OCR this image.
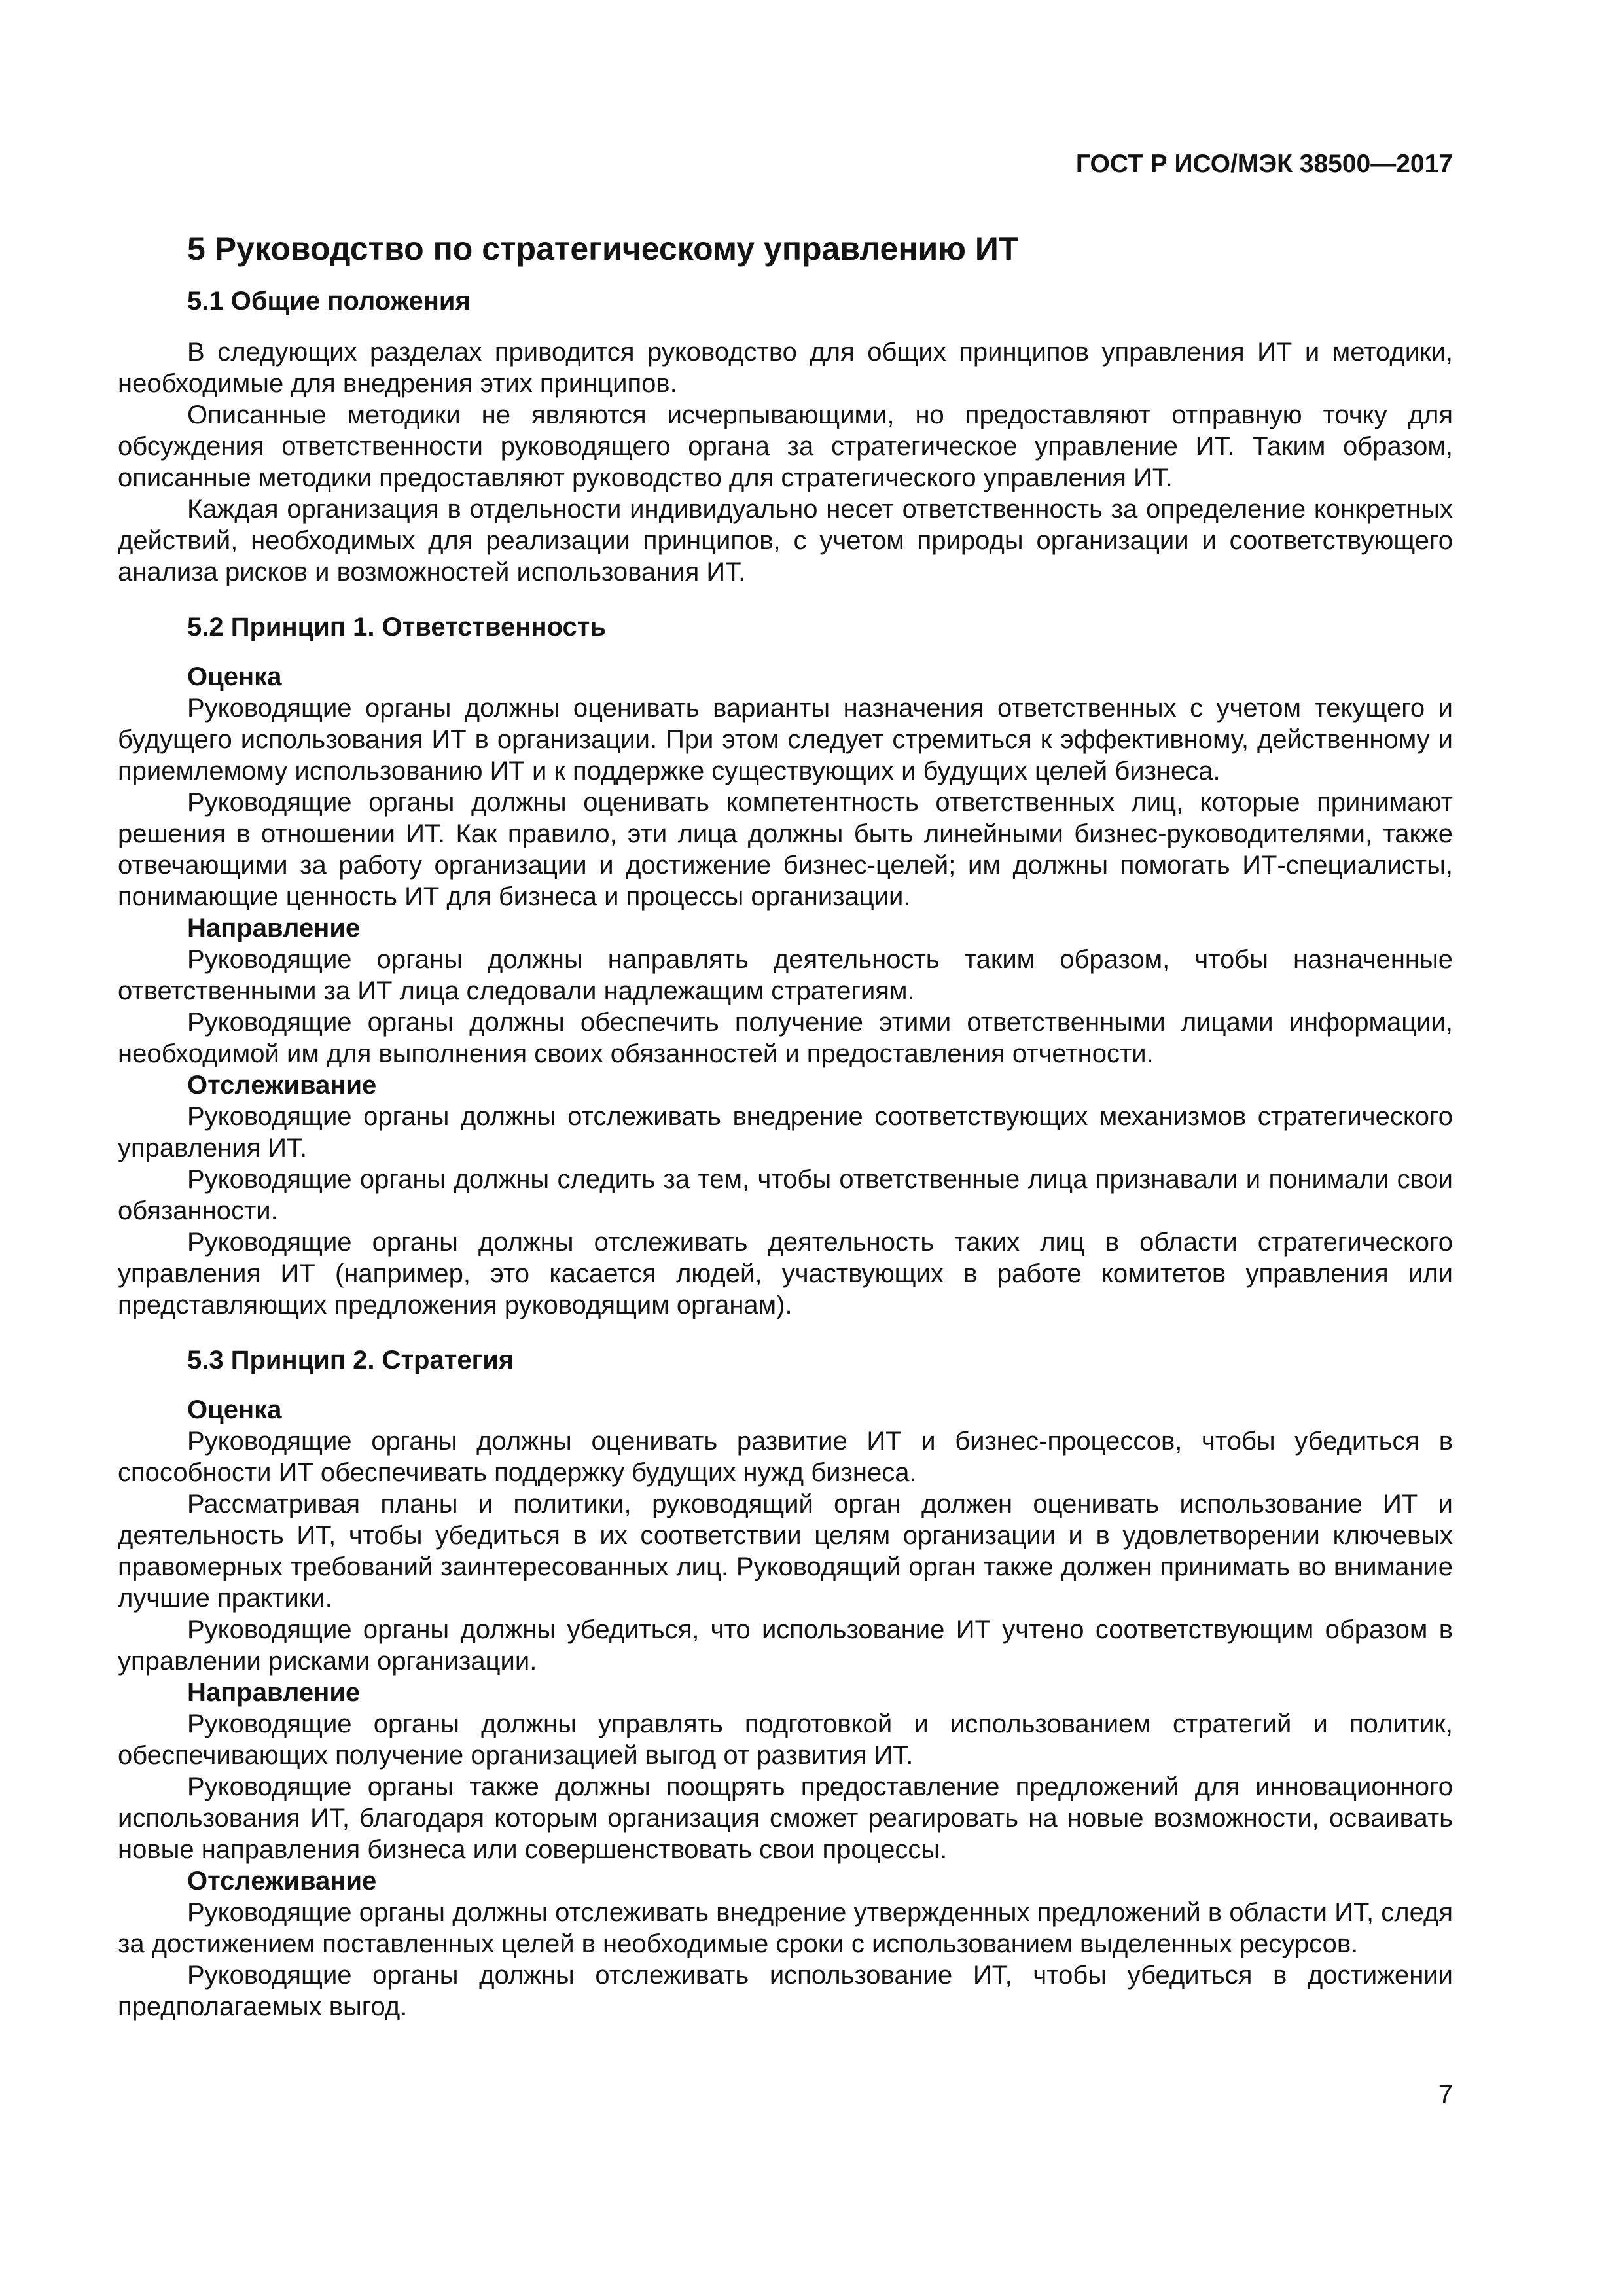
ГОСТ Р ИСО/МЭК 38500—2017
5 Руководство по стратегическому управлению ИТ
5.1 Общие положения

В следующих разделах приводится руководство для общих принципов управления ИТ и методики, необходимые для внедрения этих принципов.

Описанные методики не являются исчерпывающими, но предоставляют отправную точку для обсуждения ответственности руководящего органа за стратегическое управление ИТ. Таким образом, описанные методики предоставляют руководство для стратегического управления ИТ.

Каждая организация в отдельности индивидуально несет ответственность за определение конкретных действий, необходимых для реализации принципов, с учетом природы организации и соответствующего анализа рисков и возможностей использования ИТ.

5.2 Принцип 1. Ответственность
Оценка

Руководящие органы должны оценивать варианты назначения ответственных с учетом текущего и будущего использования ИТ в организации. При этом следует стремиться к эффективному, действенному и приемлемому использованию ИТ и к поддержке существующих и будущих целей бизнеса.

Руководящие органы должны оценивать компетентность ответственных лиц, которые принимают решения в отношении ИТ. Как правило, эти лица должны быть линейными бизнес-руководителями, также отвечающими за работу организации и достижение бизнес-целей; им должны помогать ИТ-специалисты, понимающие ценность ИТ для бизнеса и процессы организации.

Направление

Руководящие органы должны направлять деятельность таким образом, чтобы назначенные ответственными за ИТ лица следовали надлежащим стратегиям.

Руководящие органы должны обеспечить получение этими ответственными лицами информации, необходимой им для выполнения своих обязанностей и предоставления отчетности.

Отслеживание

Руководящие органы должны отслеживать внедрение соответствующих механизмов стратегического управления ИТ.

Руководящие органы должны следить за тем, чтобы ответственные лица признавали и понимали свои обязанности.

Руководящие органы должны отслеживать деятельность таких лиц в области стратегического управления ИТ (например, это касается людей, участвующих в работе комитетов управления или представляющих предложения руководящим органам).

5.3 Принцип 2. Стратегия
Оценка

Руководящие органы должны оценивать развитие ИТ и бизнес-процессов, чтобы убедиться в способности ИТ обеспечивать поддержку будущих нужд бизнеса.

Рассматривая планы и политики, руководящий орган должен оценивать использование ИТ и деятельность ИТ, чтобы убедиться в их соответствии целям организации и в удовлетворении ключевых правомерных требований заинтересованных лиц. Руководящий орган также должен принимать во внимание лучшие практики.

Руководящие органы должны убедиться, что использование ИТ учтено соответствующим образом в управлении рисками организации.

Направление

Руководящие органы должны управлять подготовкой и использованием стратегий и политик, обеспечивающих получение организацией выгод от развития ИТ.

Руководящие органы также должны поощрять предоставление предложений для инновационного использования ИТ, благодаря которым организация сможет реагировать на новые возможности, осваивать новые направления бизнеса или совершенствовать свои процессы.

Отслеживание

Руководящие органы должны отслеживать внедрение утвержденных предложений в области ИТ, следя за достижением поставленных целей в необходимые сроки с использованием выделенных ресурсов.

Руководящие органы должны отслеживать использование ИТ, чтобы убедиться в достижении предполагаемых выгод.

7
